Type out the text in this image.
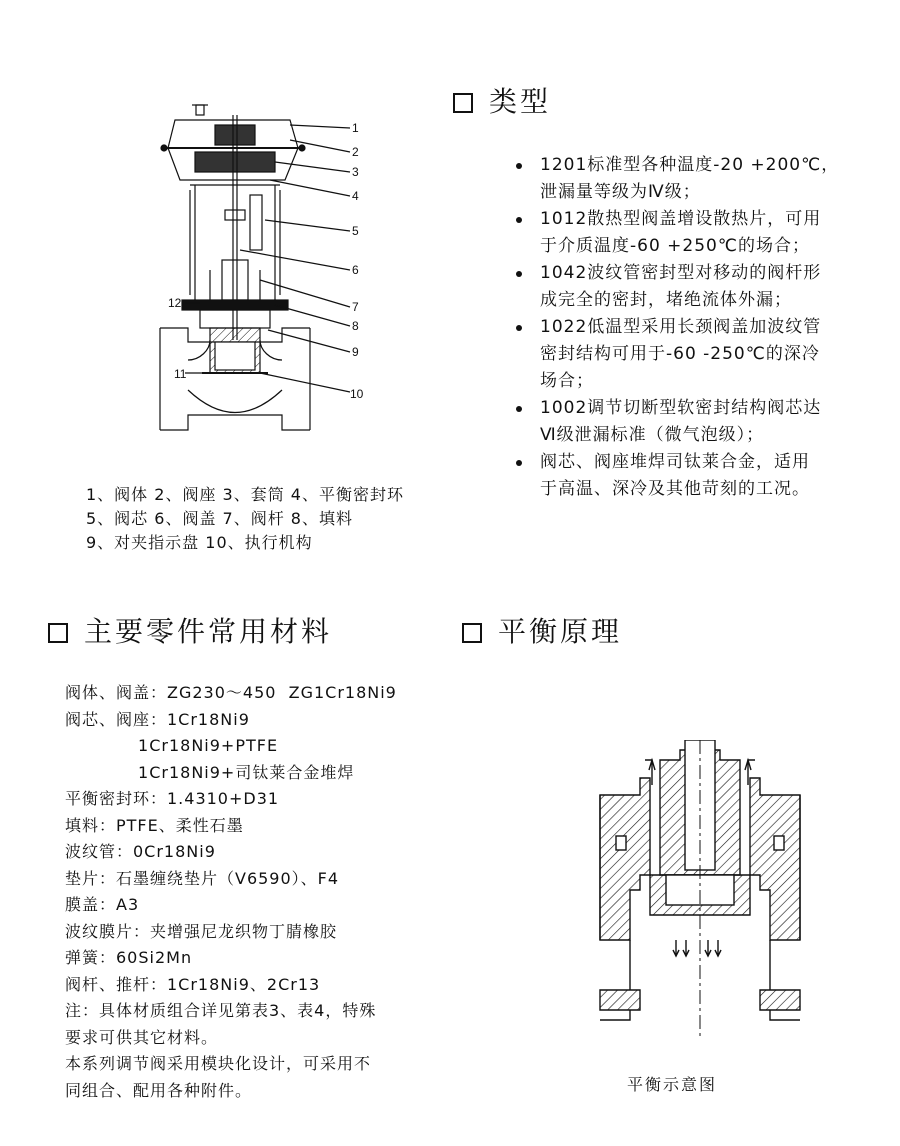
1
2
3
4
5
6
7
8
9
10
11
12
类型
1201标准型各种温度-20 +200℃，
泄漏量等级为Ⅳ级；
1012散热型阀盖增设散热片，可用
于介质温度-60 +250℃的场合；
1042波纹管密封型对移动的阀杆形
成完全的密封，堵绝流体外漏；
1022低温型采用长颈阀盖加波纹管
密封结构可用于-60 -250℃的深冷
场合；
1002调节切断型软密封结构阀芯达
Ⅵ级泄漏标准（微气泡级）；
阀芯、阀座堆焊司钛莱合金，适用
于高温、深冷及其他苛刻的工况。
1、阀体 2、阀座 3、套筒 4、平衡密封环
5、阀芯 6、阀盖 7、阀杆 8、填料
9、对夹指示盘 10、执行机构
主要零件常用材料
阀体、阀盖：ZG230～450  ZG1Cr18Ni9
阀芯、阀座：1Cr18Ni9
1Cr18Ni9+PTFE
1Cr18Ni9+司钛莱合金堆焊
平衡密封环：1.4310+D31
填料：PTFE、柔性石墨
波纹管：0Cr18Ni9
垫片：石墨缠绕垫片（V6590）、F4
膜盖：A3
波纹膜片：夹增强尼龙织物丁腈橡胶
弹簧：60Si2Mn
阀杆、推杆：1Cr18Ni9、2Cr13
注：具体材质组合详见第表3、表4，特殊
要求可供其它材料。
本系列调节阀采用模块化设计，可采用不
同组合、配用各种附件。
平衡原理
平衡示意图
